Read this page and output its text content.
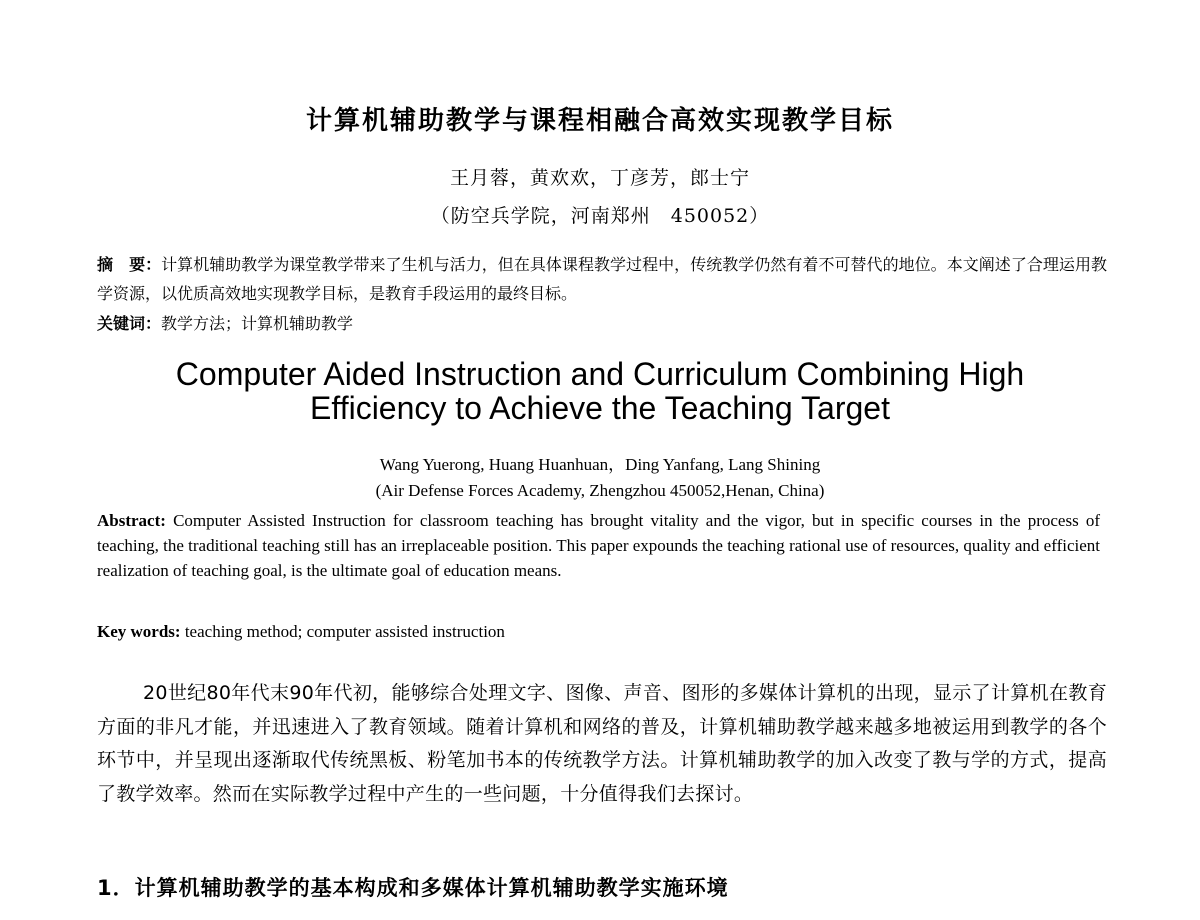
计算机辅助教学与课程相融合高效实现教学目标
王月蓉，黄欢欢，丁彦芳，郎士宁
（防空兵学院，河南郑州　450052）
摘　要：计算机辅助教学为课堂教学带来了生机与活力，但在具体课程教学过程中，传统教学仍然有着不可替代的地位。本文阐述了合理运用教学资源，以优质高效地实现教学目标，是教育手段运用的最终目标。
关键词：教学方法；计算机辅助教学
Computer Aided Instruction and Curriculum Combining High
Efficiency to Achieve the Teaching Target
Wang Yuerong, Huang Huanhuan，Ding Yanfang, Lang Shining
(Air Defense Forces Academy, Zhengzhou 450052,Henan, China)
Abstract: Computer Assisted Instruction for classroom teaching has brought vitality and the vigor, but in specific courses in the process of teaching, the traditional teaching still has an irreplaceable position. This paper expounds the teaching rational use of resources, quality and efficient realization of teaching goal, is the ultimate goal of education means.
Key words: teaching method; computer assisted instruction
20世纪80年代末90年代初，能够综合处理文字、图像、声音、图形的多媒体计算机的出现，显示了计算机在教育方面的非凡才能，并迅速进入了教育领域。随着计算机和网络的普及，计算机辅助教学越来越多地被运用到教学的各个环节中，并呈现出逐渐取代传统黑板、粉笔加书本的传统教学方法。计算机辅助教学的加入改变了教与学的方式，提高了教学效率。然而在实际教学过程中产生的一些问题，十分值得我们去探讨。
1．计算机辅助教学的基本构成和多媒体计算机辅助教学实施环境
